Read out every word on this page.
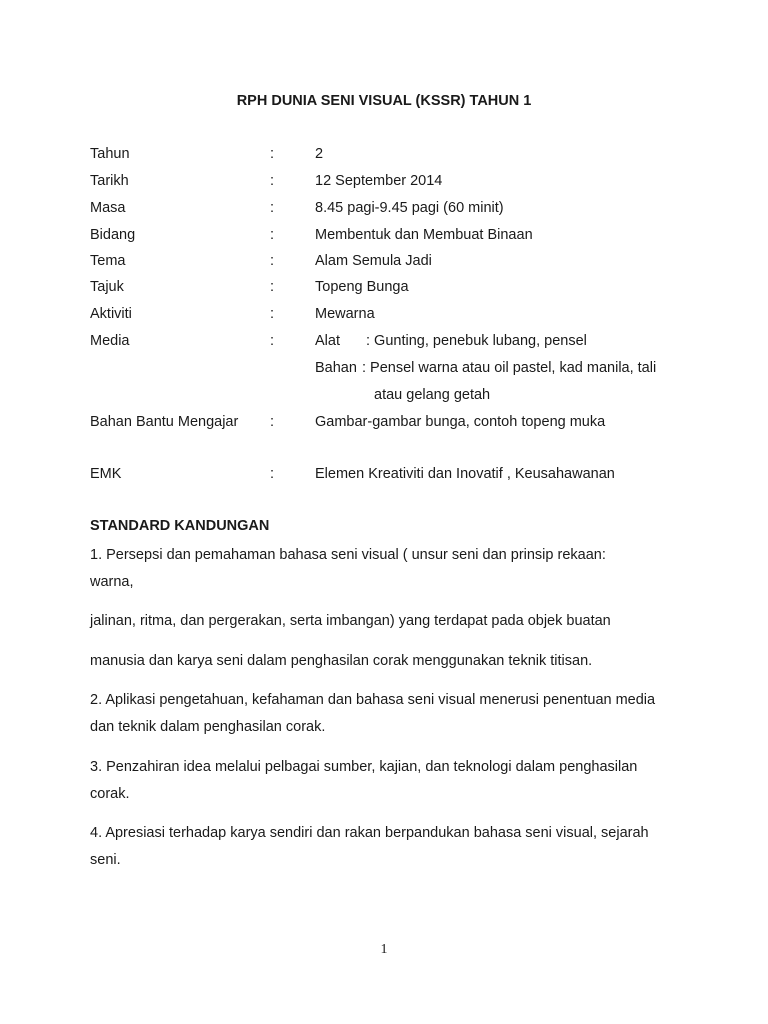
RPH DUNIA SENI VISUAL (KSSR) TAHUN 1
Tahun	:	2
Tarikh	:	12 September 2014
Masa	:	8.45 pagi-9.45 pagi (60 minit)
Bidang	:	Membentuk dan Membuat Binaan
Tema	:	Alam Semula Jadi
Tajuk	:	Topeng Bunga
Aktiviti	:	Mewarna
Media	:	Alat : Gunting, penebuk lubang, pensel
Bahan : Pensel warna atau oil pastel, kad manila, tali
atau gelang getah
Bahan Bantu Mengajar :	Gambar-gambar bunga, contoh topeng muka
EMK	:	Elemen Kreativiti dan Inovatif , Keusahawanan
STANDARD KANDUNGAN
1. Persepsi dan pemahaman bahasa seni visual ( unsur seni dan prinsip rekaan:
warna,
jalinan, ritma, dan pergerakan, serta imbangan) yang terdapat pada objek buatan
manusia dan karya seni dalam penghasilan corak menggunakan teknik titisan.
2. Aplikasi pengetahuan, kefahaman dan bahasa seni visual menerusi penentuan media
dan teknik dalam penghasilan corak.
3. Penzahiran idea melalui pelbagai sumber, kajian, dan teknologi dalam penghasilan
corak.
4. Apresiasi terhadap karya sendiri dan rakan berpandukan bahasa seni visual, sejarah
seni.
1
